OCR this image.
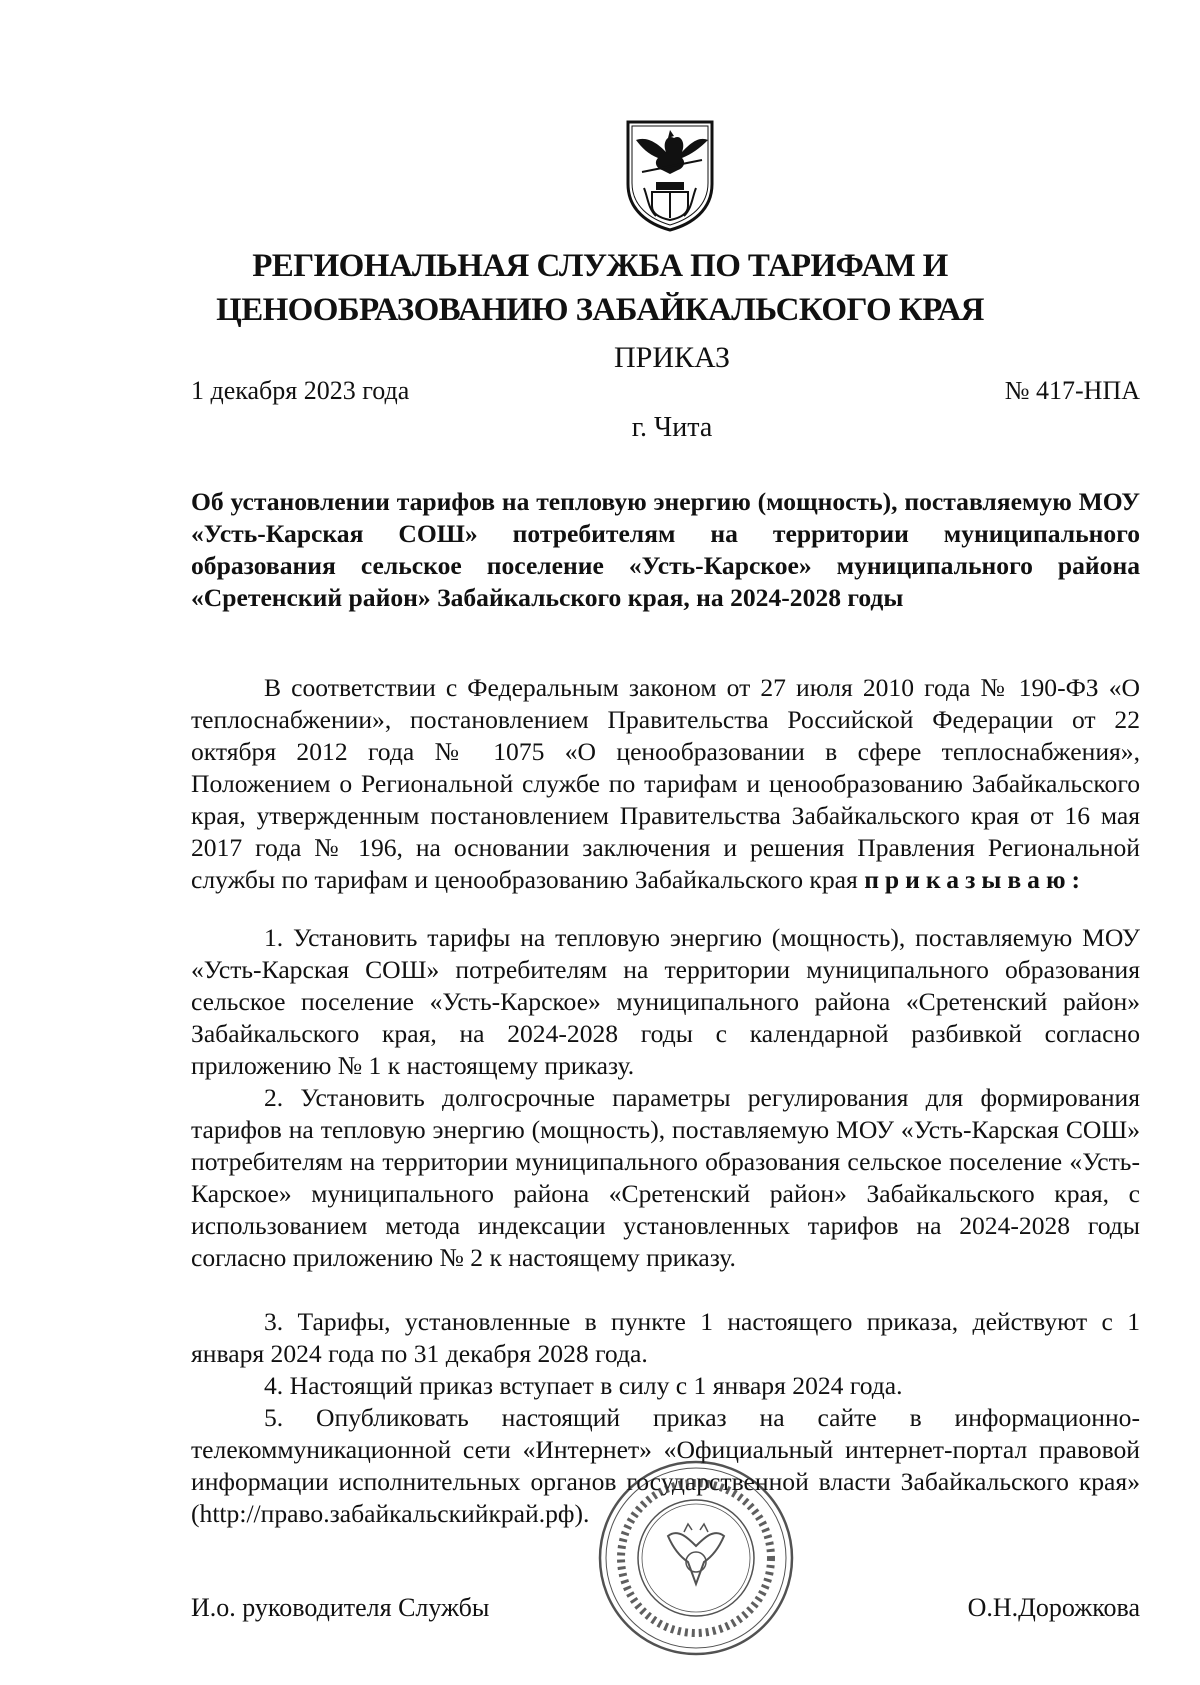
РЕГИОНАЛЬНАЯ СЛУЖБА ПО ТАРИФАМ И
ЦЕНООБРАЗОВАНИЮ ЗАБАЙКАЛЬСКОГО КРАЯ
ПРИКАЗ
1 декабря 2023 года	№ 417-НПА
г. Чита
Об установлении тарифов на тепловую энергию (мощность), поставляемую МОУ «Усть-Карская СОШ» потребителям на территории муниципального образования сельское поселение «Усть-Карское» муниципального района «Сретенский район» Забайкальского края, на 2024-2028 годы
В соответствии с Федеральным законом от 27 июля 2010 года № 190-ФЗ «О теплоснабжении», постановлением Правительства Российской Федерации от 22 октября 2012 года № 1075 «О ценообразовании в сфере теплоснабжения», Положением о Региональной службе по тарифам и ценообразованию Забайкальского края, утвержденным постановлением Правительства Забайкальского края от 16 мая 2017 года № 196, на основании заключения и решения Правления Региональной службы по тарифам и ценообразованию Забайкальского края приказываю:
1. Установить тарифы на тепловую энергию (мощность), поставляемую МОУ «Усть-Карская СОШ» потребителям на территории муниципального образования сельское поселение «Усть-Карское» муниципального района «Сретенский район» Забайкальского края, на 2024-2028 годы с календарной разбивкой согласно приложению № 1 к настоящему приказу.
2. Установить долгосрочные параметры регулирования для формирования тарифов на тепловую энергию (мощность), поставляемую МОУ «Усть-Карская СОШ» потребителям на территории муниципального образования сельское поселение «Усть-Карское» муниципального района «Сретенский район» Забайкальского края, с использованием метода индексации установленных тарифов на 2024-2028 годы согласно приложению № 2 к настоящему приказу.
3. Тарифы, установленные в пункте 1 настоящего приказа, действуют с 1 января 2024 года по 31 декабря 2028 года.
4. Настоящий приказ вступает в силу с 1 января 2024 года.
5. Опубликовать настоящий приказ на сайте в информационно-телекоммуникационной сети «Интернет» «Официальный интернет-портал правовой информации исполнительных органов государственной власти Забайкальского края» (http://право.забайкальскийкрай.рф).
И.о. руководителя Службы	О.Н.Дорожкова
